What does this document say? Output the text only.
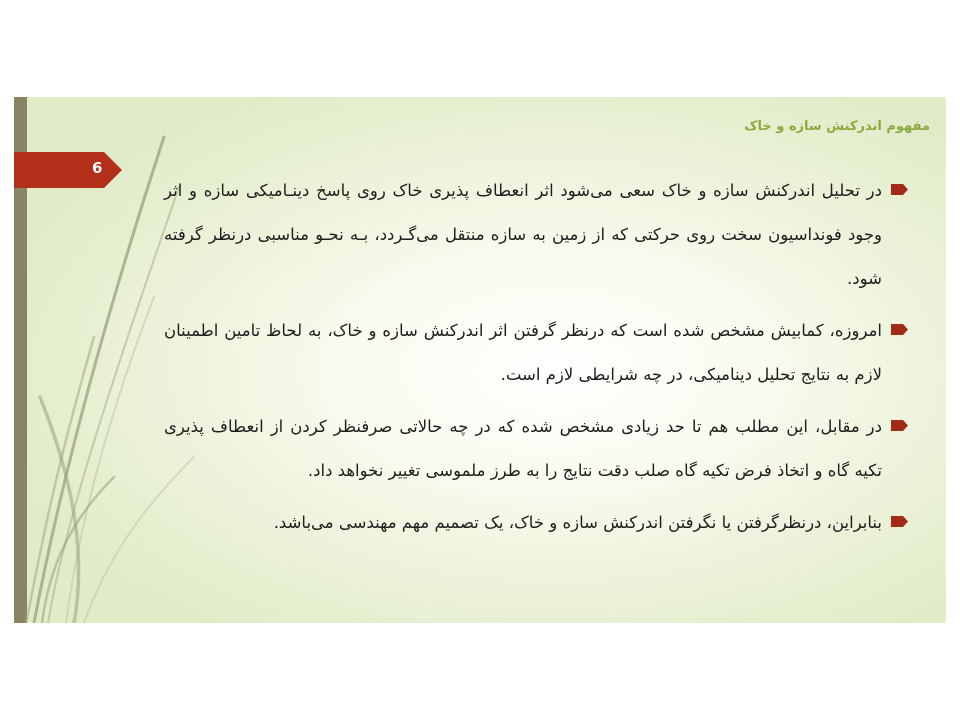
مفهوم اندرکنش سازه و خاک
6
در تحلیل اندرکنش سازه و خاک سعی می‌شود اثر انعطاف پذیری خاک روی پاسخ دینـامیکی سازه و اثر وجود فونداسیون سخت روی حرکتی که از زمین به سازه منتقل می‌گـردد، بـه نحـو مناسبی درنظر گرفته شود.
امروزه، کمابیش مشخص شده است که درنظر گرفتن اثر اندرکنش سازه و خاک، به لحاظ تامین اطمینان لازم به نتایج تحلیل دینامیکی، در چه شرایطی لازم است.
در مقابل، این مطلب هم تا حد زیادی مشخص شده که در چه حالاتی صرفنظر کردن از انعطاف پذیری تکیه گاه و اتخاذ فرض تکیه گاه صلب دقت نتایج را به طرز ملموسی تغییر نخواهد داد.
بنابراین، درنظرگرفتن یا نگرفتن اندرکنش سازه و خاک، یک تصمیم مهم مهندسی می‌باشد.
